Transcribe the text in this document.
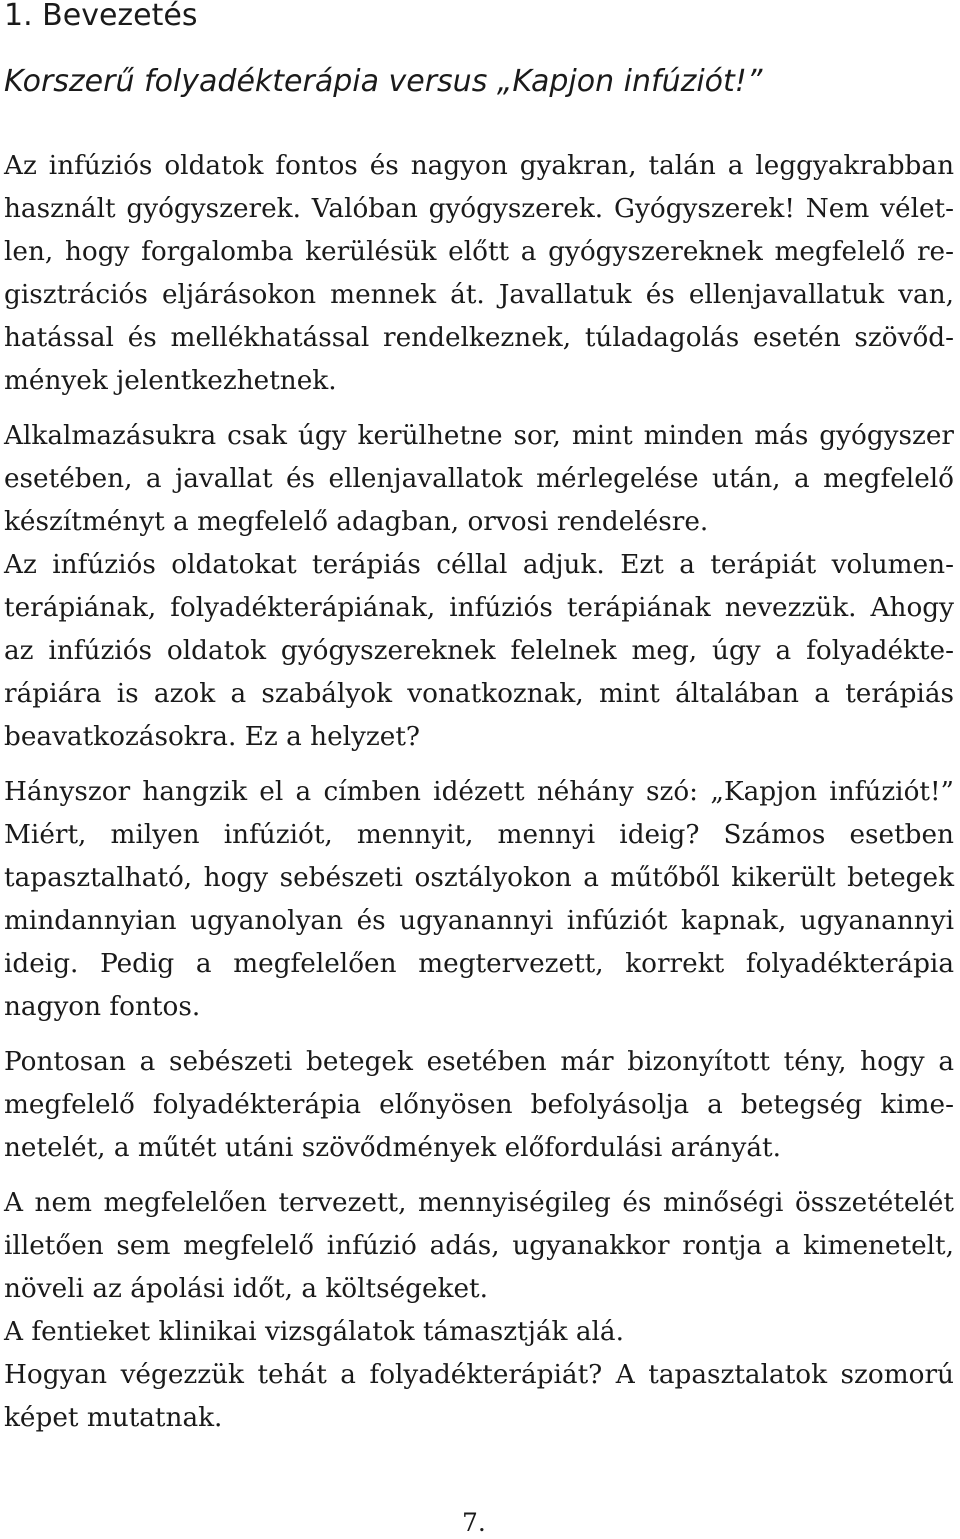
1. Bevezetés
Korszerű folyadékterápia versus „Kapjon infúziót!”

Az infúziós oldatok fontos és nagyon gyakran, talán a leggyakrabban használt gyógyszerek. Valóban gyógyszerek. Gyógyszerek! Nem véletlen, hogy forgalomba kerülésük előtt a gyógyszereknek megfelelő regisztrációs eljárásokon mennek át. Javallatuk és ellenjavallatuk van, hatással és mellékhatással rendelkeznek, túladagolás esetén szövődmények jelentkezhetnek.

Alkalmazásukra csak úgy kerülhetne sor, mint minden más gyógyszer esetében, a javallat és ellenjavallatok mérlegelése után, a megfelelő készítményt a megfelelő adagban, orvosi rendelésre.

Az infúziós oldatokat terápiás céllal adjuk. Ezt a terápiát volumenterápiának, folyadékterápiának, infúziós terápiának nevezzük. Ahogy az infúziós oldatok gyógyszereknek felelnek meg, úgy a folyadékterápiára is azok a szabályok vonatkoznak, mint általában a terápiás beavatkozásokra. Ez a helyzet?

Hányszor hangzik el a címben idézett néhány szó: „Kapjon infúziót!” Miért, milyen infúziót, mennyit, mennyi ideig? Számos esetben tapasztalható, hogy sebészeti osztályokon a műtőből kikerült betegek mindannyian ugyanolyan és ugyanannyi infúziót kapnak, ugyanannyi ideig. Pedig a megfelelően megtervezett, korrekt folyadékterápia nagyon fontos.

Pontosan a sebészeti betegek esetében már bizonyított tény, hogy a megfelelő folyadékterápia előnyösen befolyásolja a betegség kimenetelét, a műtét utáni szövődmények előfordulási arányát.

A nem megfelelően tervezett, mennyiségileg és minőségi összetételét illetően sem megfelelő infúzió adás, ugyanakkor rontja a kimenetelt, növeli az ápolási időt, a költségeket.

A fentieket klinikai vizsgálatok támasztják alá.

Hogyan végezzük tehát a folyadékterápiát? A tapasztalatok szomorú képet mutatnak.

7.
